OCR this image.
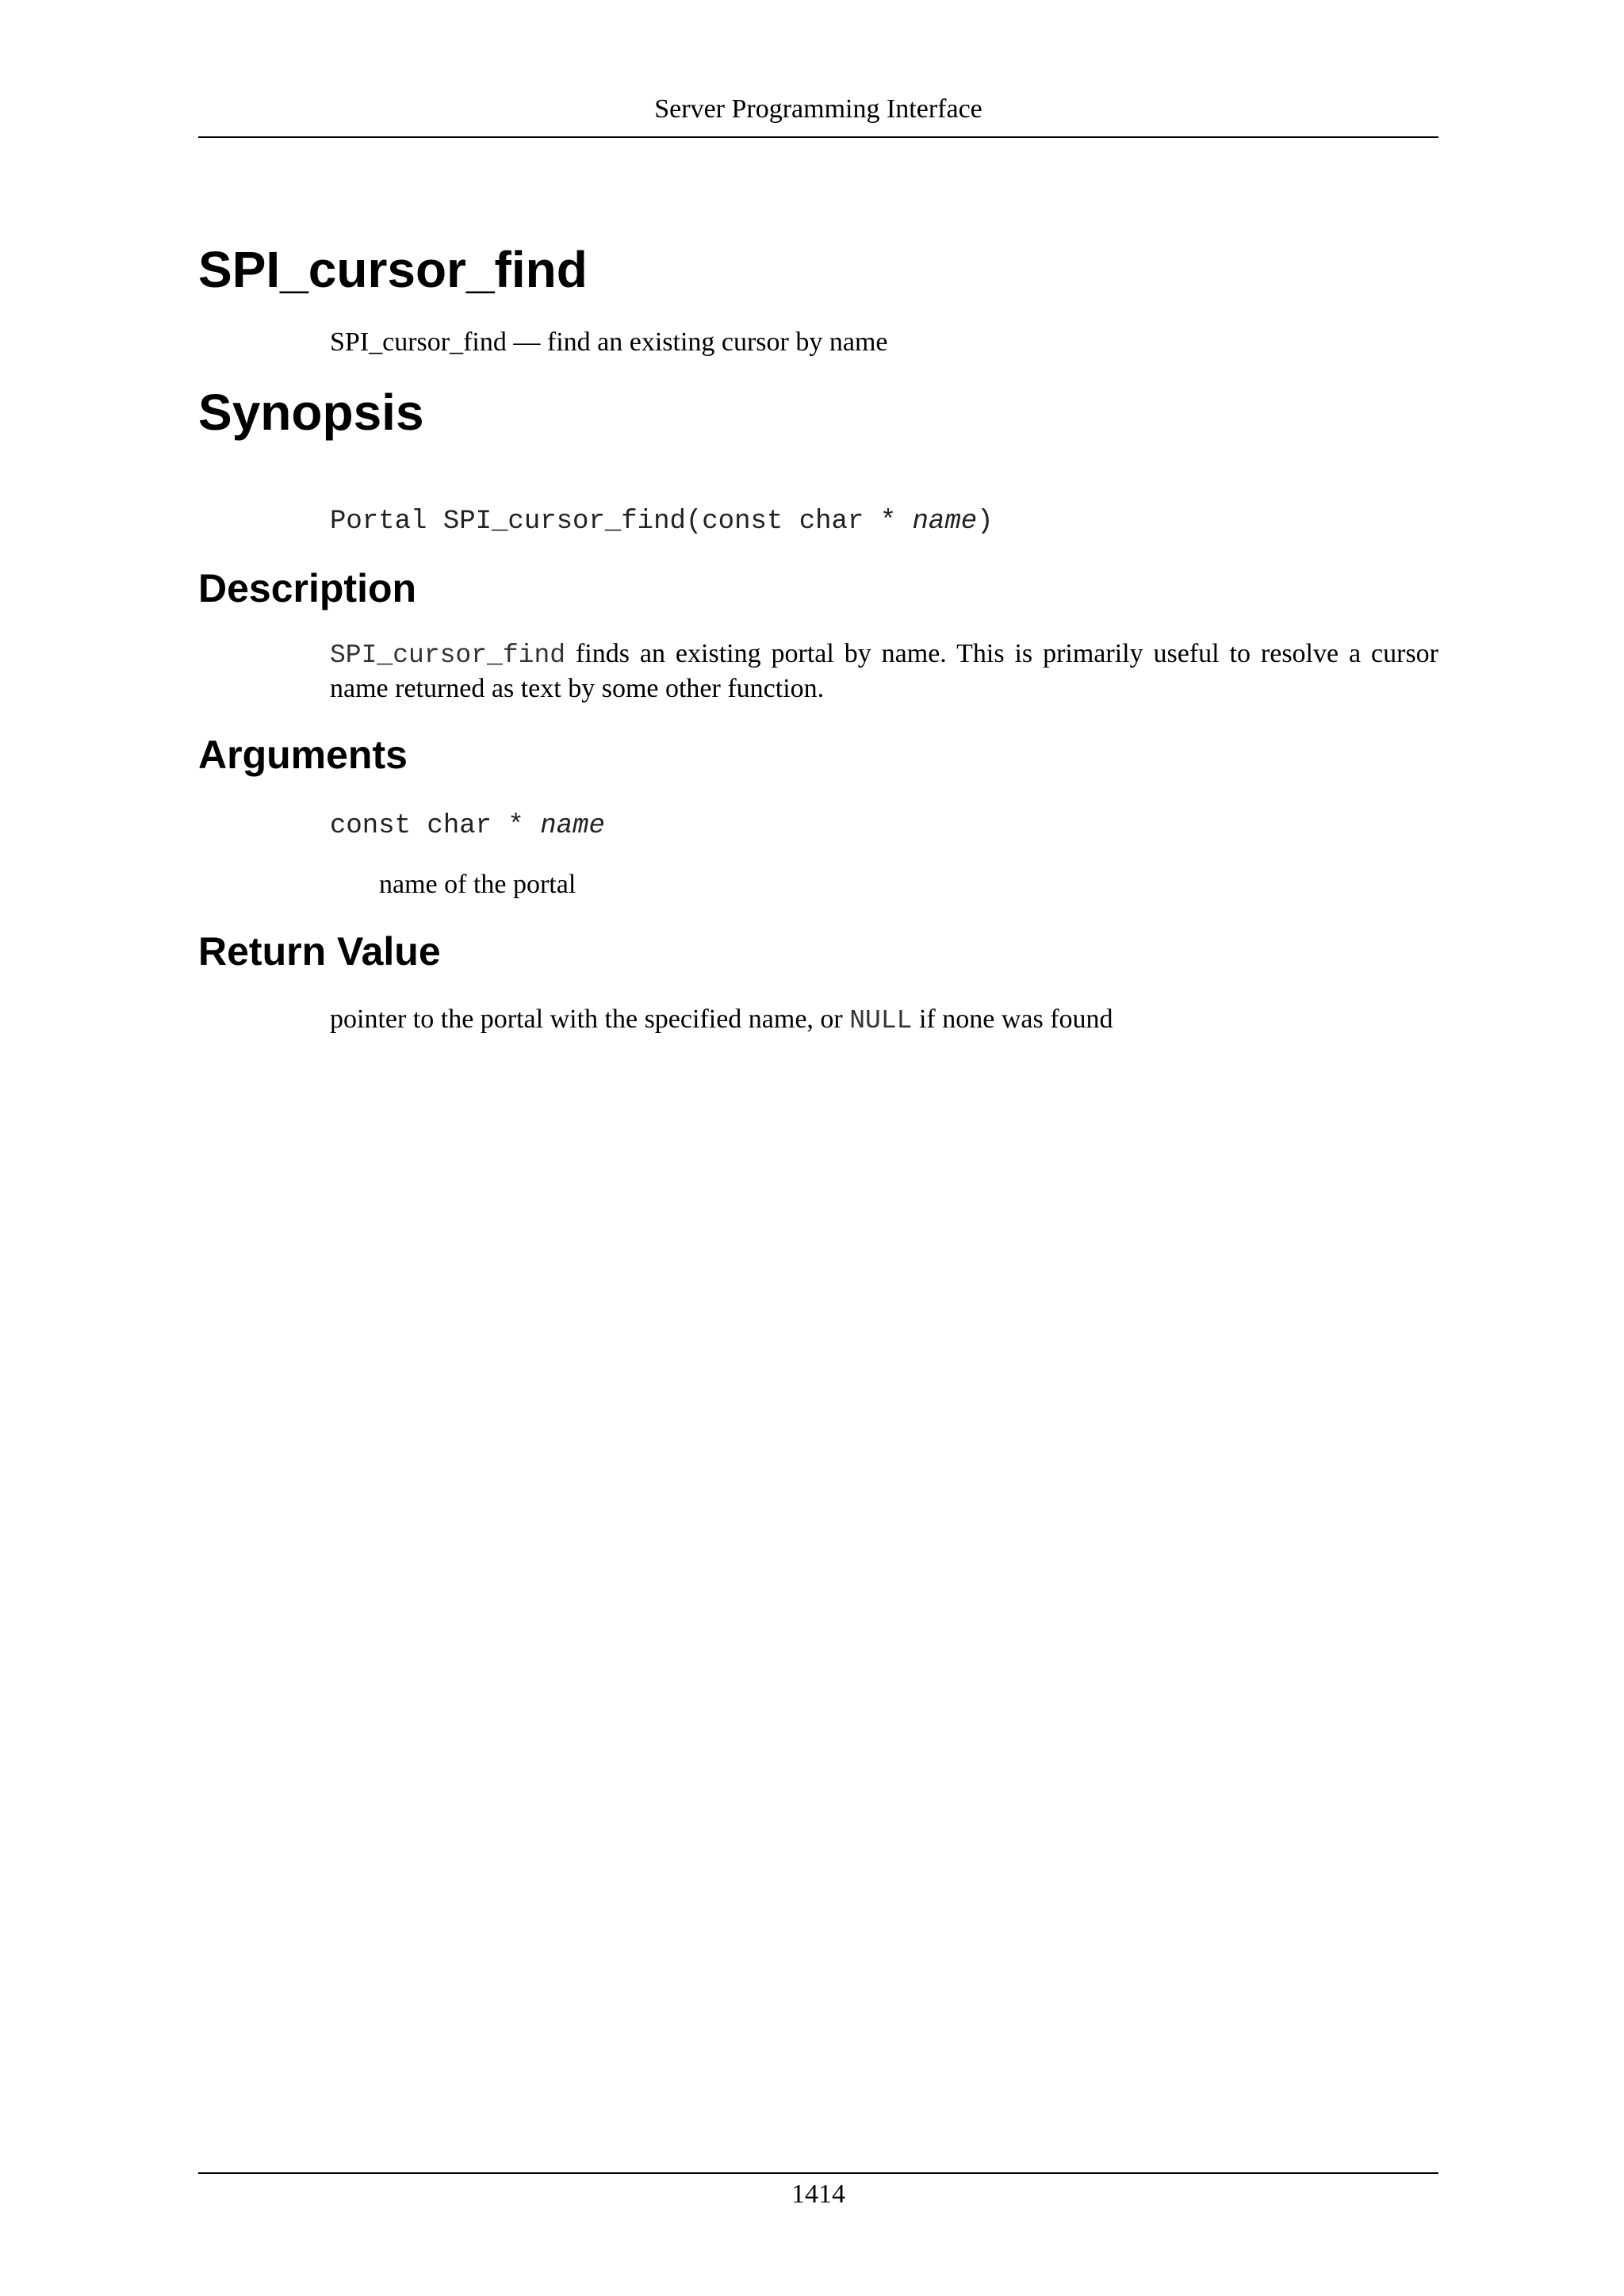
Server Programming Interface
SPI_cursor_find
SPI_cursor_find — find an existing cursor by name
Synopsis
Portal SPI_cursor_find(const char * name)
Description

SPI_cursor_find finds an existing portal by name. This is primarily useful to resolve a cursor name returned as text by some other function.

Arguments
const char * name
name of the portal
Return Value
pointer to the portal with the specified name, or NULL if none was found
1414
